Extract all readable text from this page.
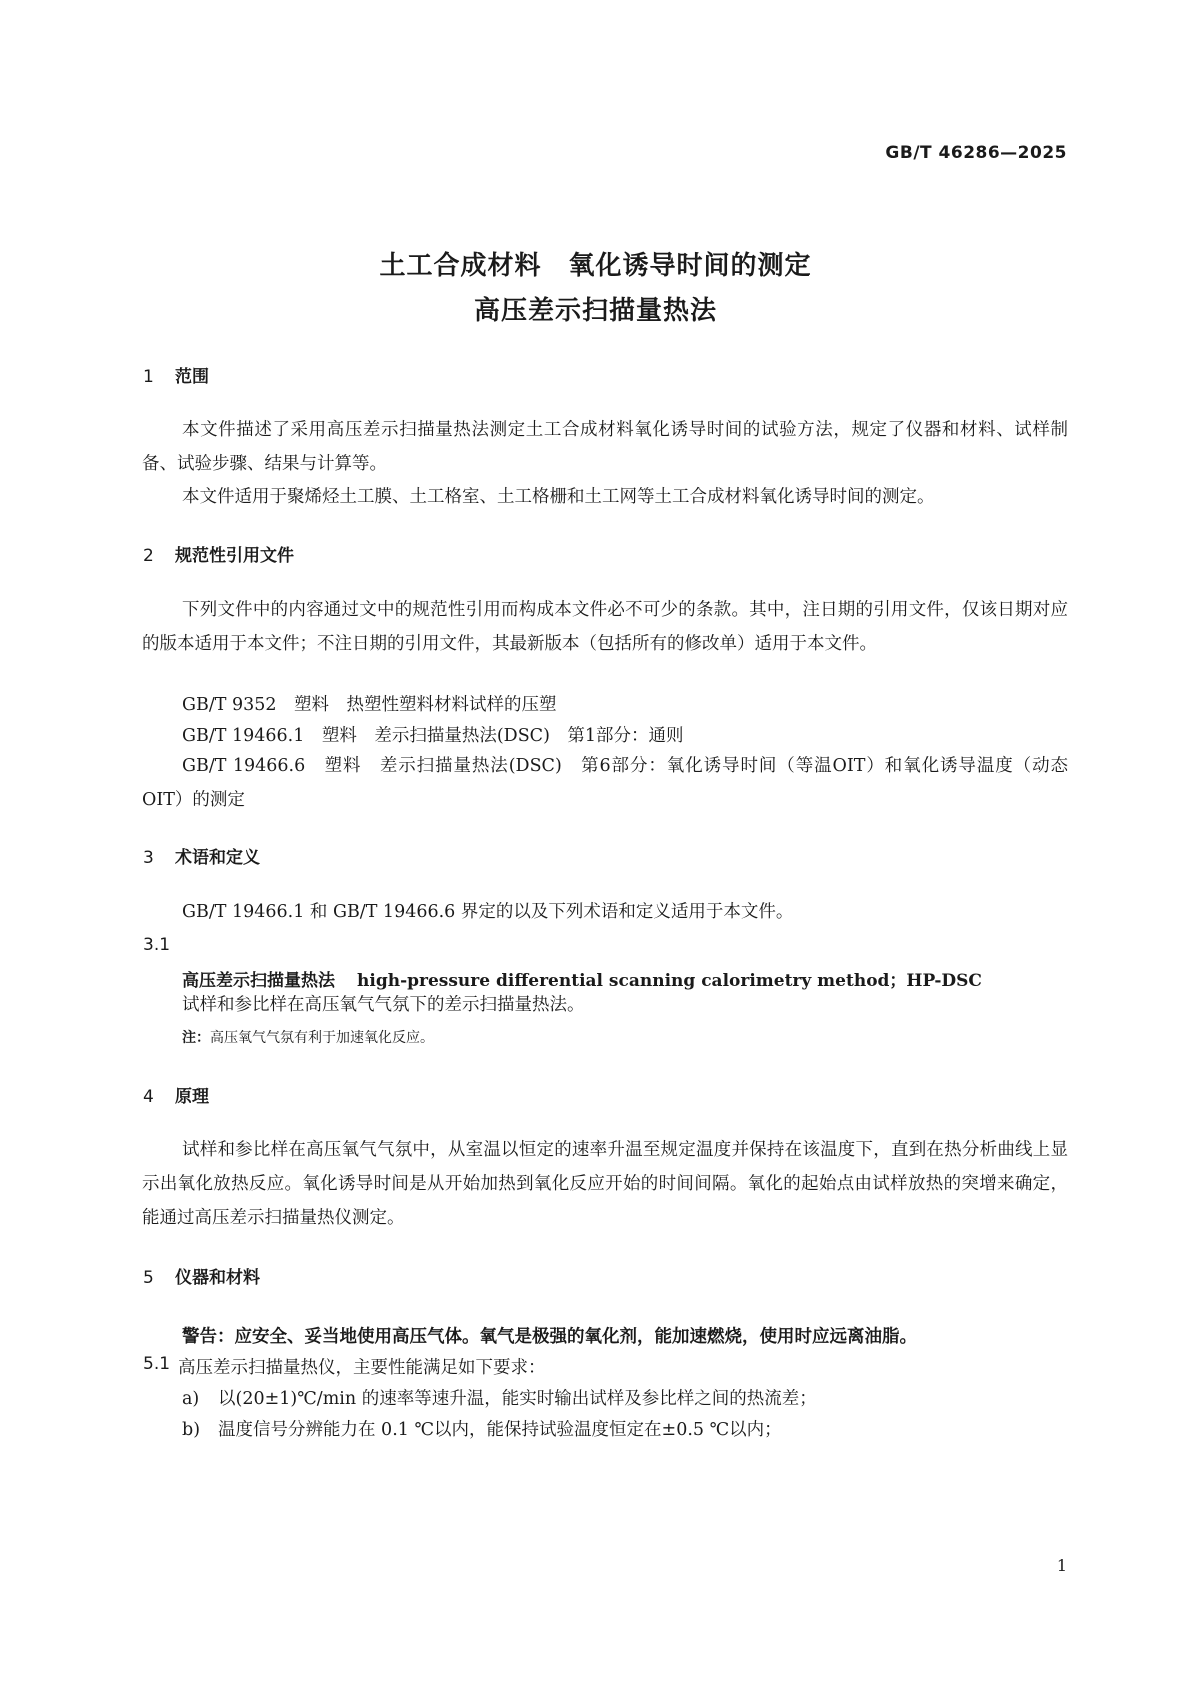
GB/T 46286—2025
土工合成材料　氧化诱导时间的测定
高压差示扫描量热法
1 范围
本文件描述了采用高压差示扫描量热法测定土工合成材料氧化诱导时间的试验方法，规定了仪器和材料、试样制备、试验步骤、结果与计算等。
本文件适用于聚烯烃土工膜、土工格室、土工格栅和土工网等土工合成材料氧化诱导时间的测定。
2 规范性引用文件
下列文件中的内容通过文中的规范性引用而构成本文件必不可少的条款。其中，注日期的引用文件，仅该日期对应的版本适用于本文件；不注日期的引用文件，其最新版本（包括所有的修改单）适用于本文件。
GB/T 9352　塑料　热塑性塑料材料试样的压塑
GB/T 19466.1　塑料　差示扫描量热法(DSC)　第1部分：通则
GB/T 19466.6　塑料　差示扫描量热法(DSC)　第6部分：氧化诱导时间（等温OIT）和氧化诱导温度（动态OIT）的测定
3 术语和定义
GB/T 19466.1 和 GB/T 19466.6 界定的以及下列术语和定义适用于本文件。
3.1
高压差示扫描量热法 high-pressure differential scanning calorimetry method；HP-DSC
试样和参比样在高压氧气气氛下的差示扫描量热法。
注：高压氧气气氛有利于加速氧化反应。
4 原理
试样和参比样在高压氧气气氛中，从室温以恒定的速率升温至规定温度并保持在该温度下，直到在热分析曲线上显示出氧化放热反应。氧化诱导时间是从开始加热到氧化反应开始的时间间隔。氧化的起始点由试样放热的突增来确定，能通过高压差示扫描量热仪测定。
5 仪器和材料
警告：应安全、妥当地使用高压气体。氧气是极强的氧化剂，能加速燃烧，使用时应远离油脂。
5.1 高压差示扫描量热仪，主要性能满足如下要求：
a) 以(20±1)℃/min 的速率等速升温，能实时输出试样及参比样之间的热流差；
b) 温度信号分辨能力在 0.1 ℃以内，能保持试验温度恒定在±0.5 ℃以内；
1
